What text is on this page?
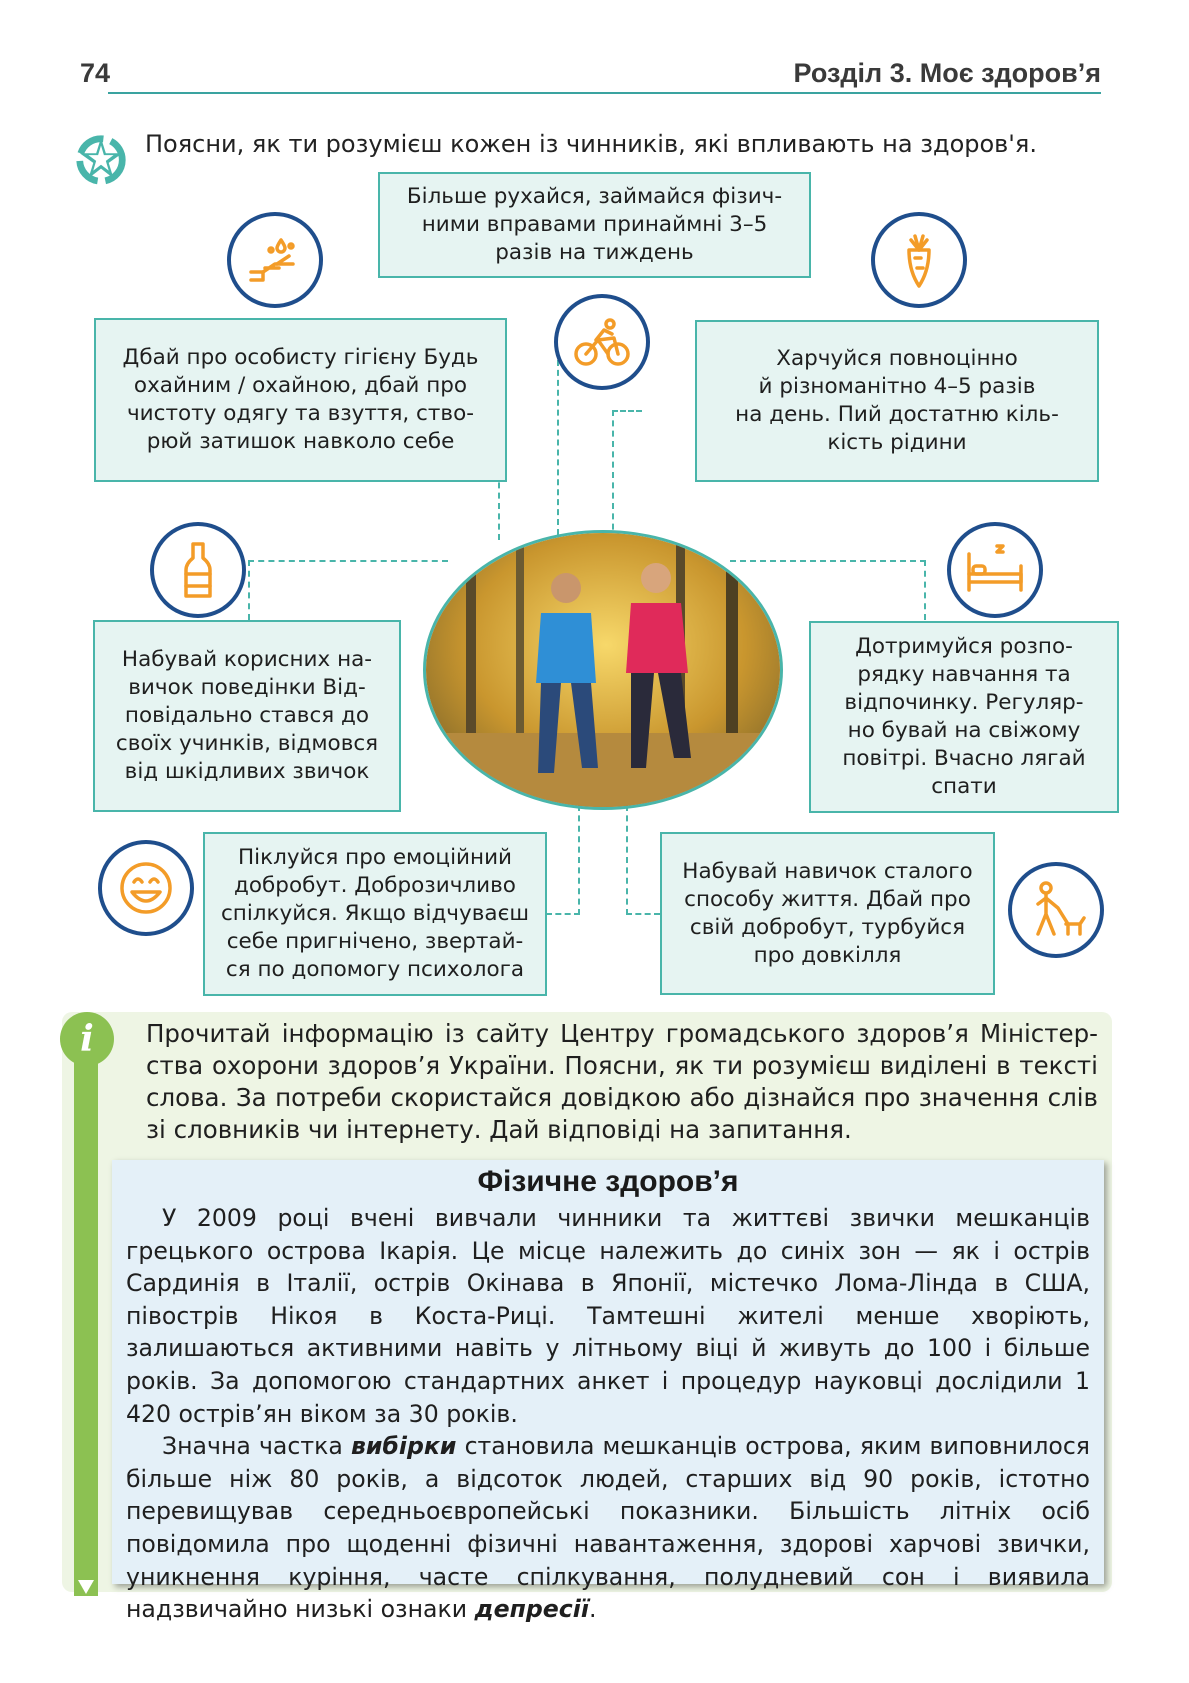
74	Розділ 3. Моє здоров’я
Поясни, як ти розумієш кожен із чинників, які впливають на здоров'я.
Більше рухайся, займайся фізич-
ними вправами принаймні 3–5
разів на тиждень
Дбай про особисту гігієну Будь
охайним / охайною, дбай про
чистоту одягу та взуття, ство-
рюй затишок навколо себе
Харчуйся повноцінно
й різноманітно 4–5 разів
на день. Пий достатню кіль-
кість рідини
Набувай корисних на-
вичок поведінки Від-
повідально стався до
своїх учинків, відмовся
від шкідливих звичок
Дотримуйся розпо-
рядку навчання та
відпочинку. Регуляр-
но бувай на свіжому
повітрі. Вчасно лягай
спати
Піклуйся про емоційний
добробут. Доброзичливо
спілкуйся. Якщо відчуваєш
себе пригнічено, звертай-
ся по допомогу психолога
Набувай навичок сталого
способу життя. Дбай про
свій добробут, турбуйся
про довкілля
i	Прочитай інформацію із сайту Центру громадського здоров’я Міністерства охорони здоров’я України. Поясни, як ти розумієш виділені в тексті слова. За потреби скористайся довідкою або дізнайся про значення слів зі словників чи інтернету. Дай відповіді на запитання.
Фізичне здоров’я

У 2009 році вчені вивчали чинники та життєві звички мешканців грецького острова Ікарія. Це місце належить до синіх зон — як і острів Сардинія в Італії, острів Окінава в Японії, містечко Лома-Лінда в США, півострів Нікоя в Коста-Риці. Тамтешні жителі менше хворіють, залишаються активними навіть у літньому віці й живуть до 100 і більше років. За допомогою стандартних анкет і процедур науковці дослідили 1 420 острів’ян віком за 30 років.

Значна частка вибірки становила мешканців острова, яким виповнилося більше ніж 80 років, а відсоток людей, старших від 90 років, істотно перевищував середньоєвропейські показники. Більшість літніх осіб повідомила про щоденні фізичні навантаження, здорові харчові звички, уникнення куріння, часте спілкування, полудневий сон і виявила надзвичайно низькі ознаки депресії.
